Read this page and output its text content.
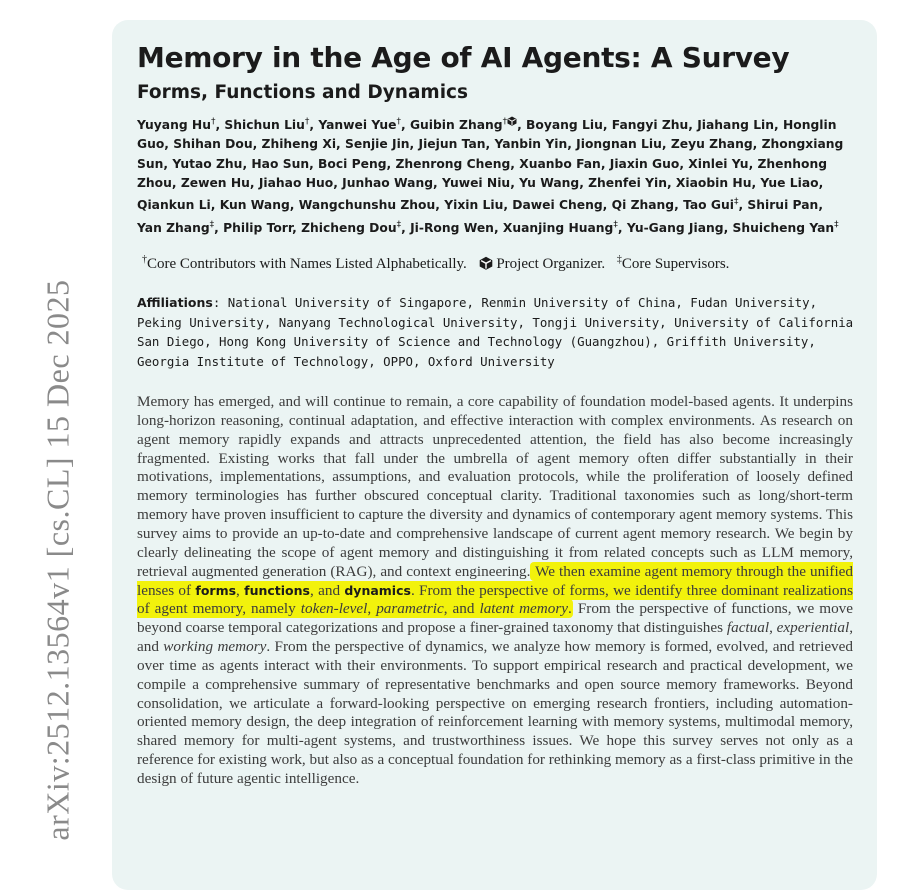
arXiv:2512.13564v1 [cs.CL] 15 Dec 2025
Memory in the Age of AI Agents: A Survey
Forms, Functions and Dynamics
Yuyang Hu†, Shichun Liu†, Yanwei Yue†, Guibin Zhang† , Boyang Liu, Fangyi Zhu, Jiahang Lin, Honglin Guo, Shihan Dou, Zhiheng Xi, Senjie Jin, Jiejun Tan, Yanbin Yin, Jiongnan Liu, Zeyu Zhang, Zhongxiang Sun, Yutao Zhu, Hao Sun, Boci Peng, Zhenrong Cheng, Xuanbo Fan, Jiaxin Guo, Xinlei Yu, Zhenhong Zhou, Zewen Hu, Jiahao Huo, Junhao Wang, Yuwei Niu, Yu Wang, Zhenfei Yin, Xiaobin Hu, Yue Liao, Qiankun Li, Kun Wang, Wangchunshu Zhou, Yixin Liu, Dawei Cheng, Qi Zhang, Tao Gui‡, Shirui Pan, Yan Zhang‡, Philip Torr, Zhicheng Dou‡, Ji-Rong Wen, Xuanjing Huang‡, Yu-Gang Jiang, Shuicheng Yan‡
†Core Contributors with Names Listed Alphabetically. Project Organizer. ‡Core Supervisors.
Affiliations: National University of Singapore, Renmin University of China, Fudan University, Peking University, Nanyang Technological University, Tongji University, University of California San Diego, Hong Kong University of Science and Technology (Guangzhou), Griffith University, Georgia Institute of Technology, OPPO, Oxford University
Memory has emerged, and will continue to remain, a core capability of foundation model-based agents. It underpins long-horizon reasoning, continual adaptation, and effective interaction with complex environments. As research on agent memory rapidly expands and attracts unprecedented attention, the field has also become increasingly fragmented. Existing works that fall under the umbrella of agent memory often differ substantially in their motivations, implementations, assumptions, and evaluation protocols, while the proliferation of loosely defined memory terminologies has further obscured conceptual clarity. Traditional taxonomies such as long/short-term memory have proven insufficient to capture the diversity and dynamics of contemporary agent memory systems. This survey aims to provide an up-to-date and comprehensive landscape of current agent memory research. We begin by clearly delineating the scope of agent memory and distinguishing it from related concepts such as LLM memory, retrieval augmented generation (RAG), and context engineering. We then examine agent memory through the unified lenses of forms, functions, and dynamics. From the perspective of forms, we identify three dominant realizations of agent memory, namely token-level, parametric, and latent memory. From the perspective of functions, we move beyond coarse temporal categorizations and propose a finer-grained taxonomy that distinguishes factual, experiential, and working memory. From the perspective of dynamics, we analyze how memory is formed, evolved, and retrieved over time as agents interact with their environments. To support empirical research and practical development, we compile a comprehensive summary of representative benchmarks and open source memory frameworks. Beyond consolidation, we articulate a forward-looking perspective on emerging research frontiers, including automation-oriented memory design, the deep integration of reinforcement learning with memory systems, multimodal memory, shared memory for multi-agent systems, and trustworthiness issues. We hope this survey serves not only as a reference for existing work, but also as a conceptual foundation for rethinking memory as a first-class primitive in the design of future agentic intelligence.
